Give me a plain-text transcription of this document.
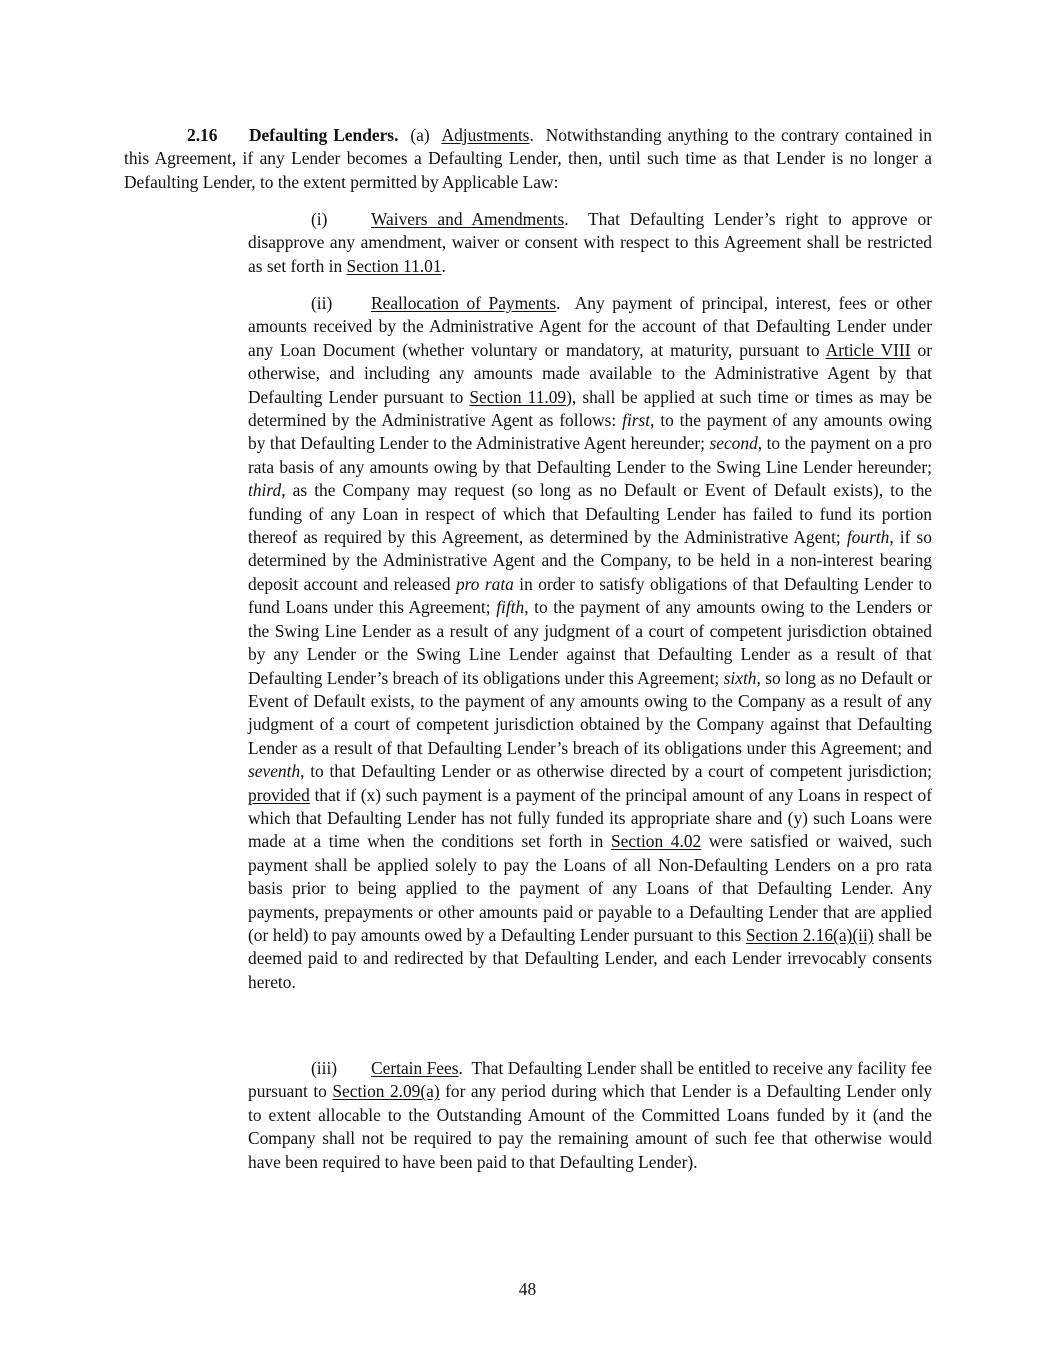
2.16 Defaulting Lenders. (a) Adjustments.  Notwithstanding anything to the contrary contained in this Agreement, if any Lender becomes a Defaulting Lender, then, until such time as that Lender is no longer a Defaulting Lender, to the extent permitted by Applicable Law:

(i)	Waivers and Amendments.  That Defaulting Lender’s right to approve or disapprove any amendment, waiver or consent with respect to this Agreement shall be restricted as set forth in Section 11.01.

(ii) Reallocation of Payments.  Any payment of principal, interest, fees or other amounts received by the Administrative Agent for the account of that Defaulting Lender under any Loan Document (whether voluntary or mandatory, at maturity, pursuant to Article VIII or otherwise, and including any amounts made available to the Administrative Agent by that Defaulting Lender pursuant to Section 11.09), shall be applied at such time or times as may be determined by the Administrative Agent as follows: first, to the payment of any amounts owing by that Defaulting Lender to the Administrative Agent hereunder; second, to the payment on a pro rata basis of any amounts owing by that Defaulting Lender to the Swing Line Lender hereunder; third, as the Company may request (so long as no Default or Event of Default exists), to the funding of any Loan in respect of which that Defaulting Lender has failed to fund its portion thereof as required by this Agreement, as determined by the Administrative Agent; fourth, if so determined by the Administrative Agent and the Company, to be held in a non-interest bearing deposit account and released pro rata in order to satisfy obligations of that Defaulting Lender to fund Loans under this Agreement; fifth, to the payment of any amounts owing to the Lenders or the Swing Line Lender as a result of any judgment of a court of competent jurisdiction obtained by any Lender or the Swing Line Lender against that Defaulting Lender as a result of that Defaulting Lender’s breach of its obligations under this Agreement; sixth, so long as no Default or Event of Default exists, to the payment of any amounts owing to the Company as a result of any judgment of a court of competent jurisdiction obtained by the Company against that Defaulting Lender as a result of that Defaulting Lender’s breach of its obligations under this Agreement; and seventh, to that Defaulting Lender or as otherwise directed by a court of competent jurisdiction; provided that if (x) such payment is a payment of the principal amount of any Loans in respect of which that Defaulting Lender has not fully funded its appropriate share and (y) such Loans were made at a time when the conditions set forth in Section 4.02 were satisfied or waived, such payment shall be applied solely to pay the Loans of all Non-Defaulting Lenders on a pro rata basis prior to being applied to the payment of any Loans of that Defaulting Lender. Any payments, prepayments or other amounts paid or payable to a Defaulting Lender that are applied (or held) to pay amounts owed by a Defaulting Lender pursuant to this Section 2.16(a)(ii) shall be deemed paid to and redirected by that Defaulting Lender, and each Lender irrevocably consents hereto.

(iii) Certain Fees.  That Defaulting Lender shall be entitled to receive any facility fee pursuant to Section 2.09(a) for any period during which that Lender is a Defaulting Lender only to extent allocable to the Outstanding Amount of the Committed Loans funded by it (and the Company shall not be required to pay the remaining amount of such fee that otherwise would have been required to have been paid to that Defaulting Lender).

48
